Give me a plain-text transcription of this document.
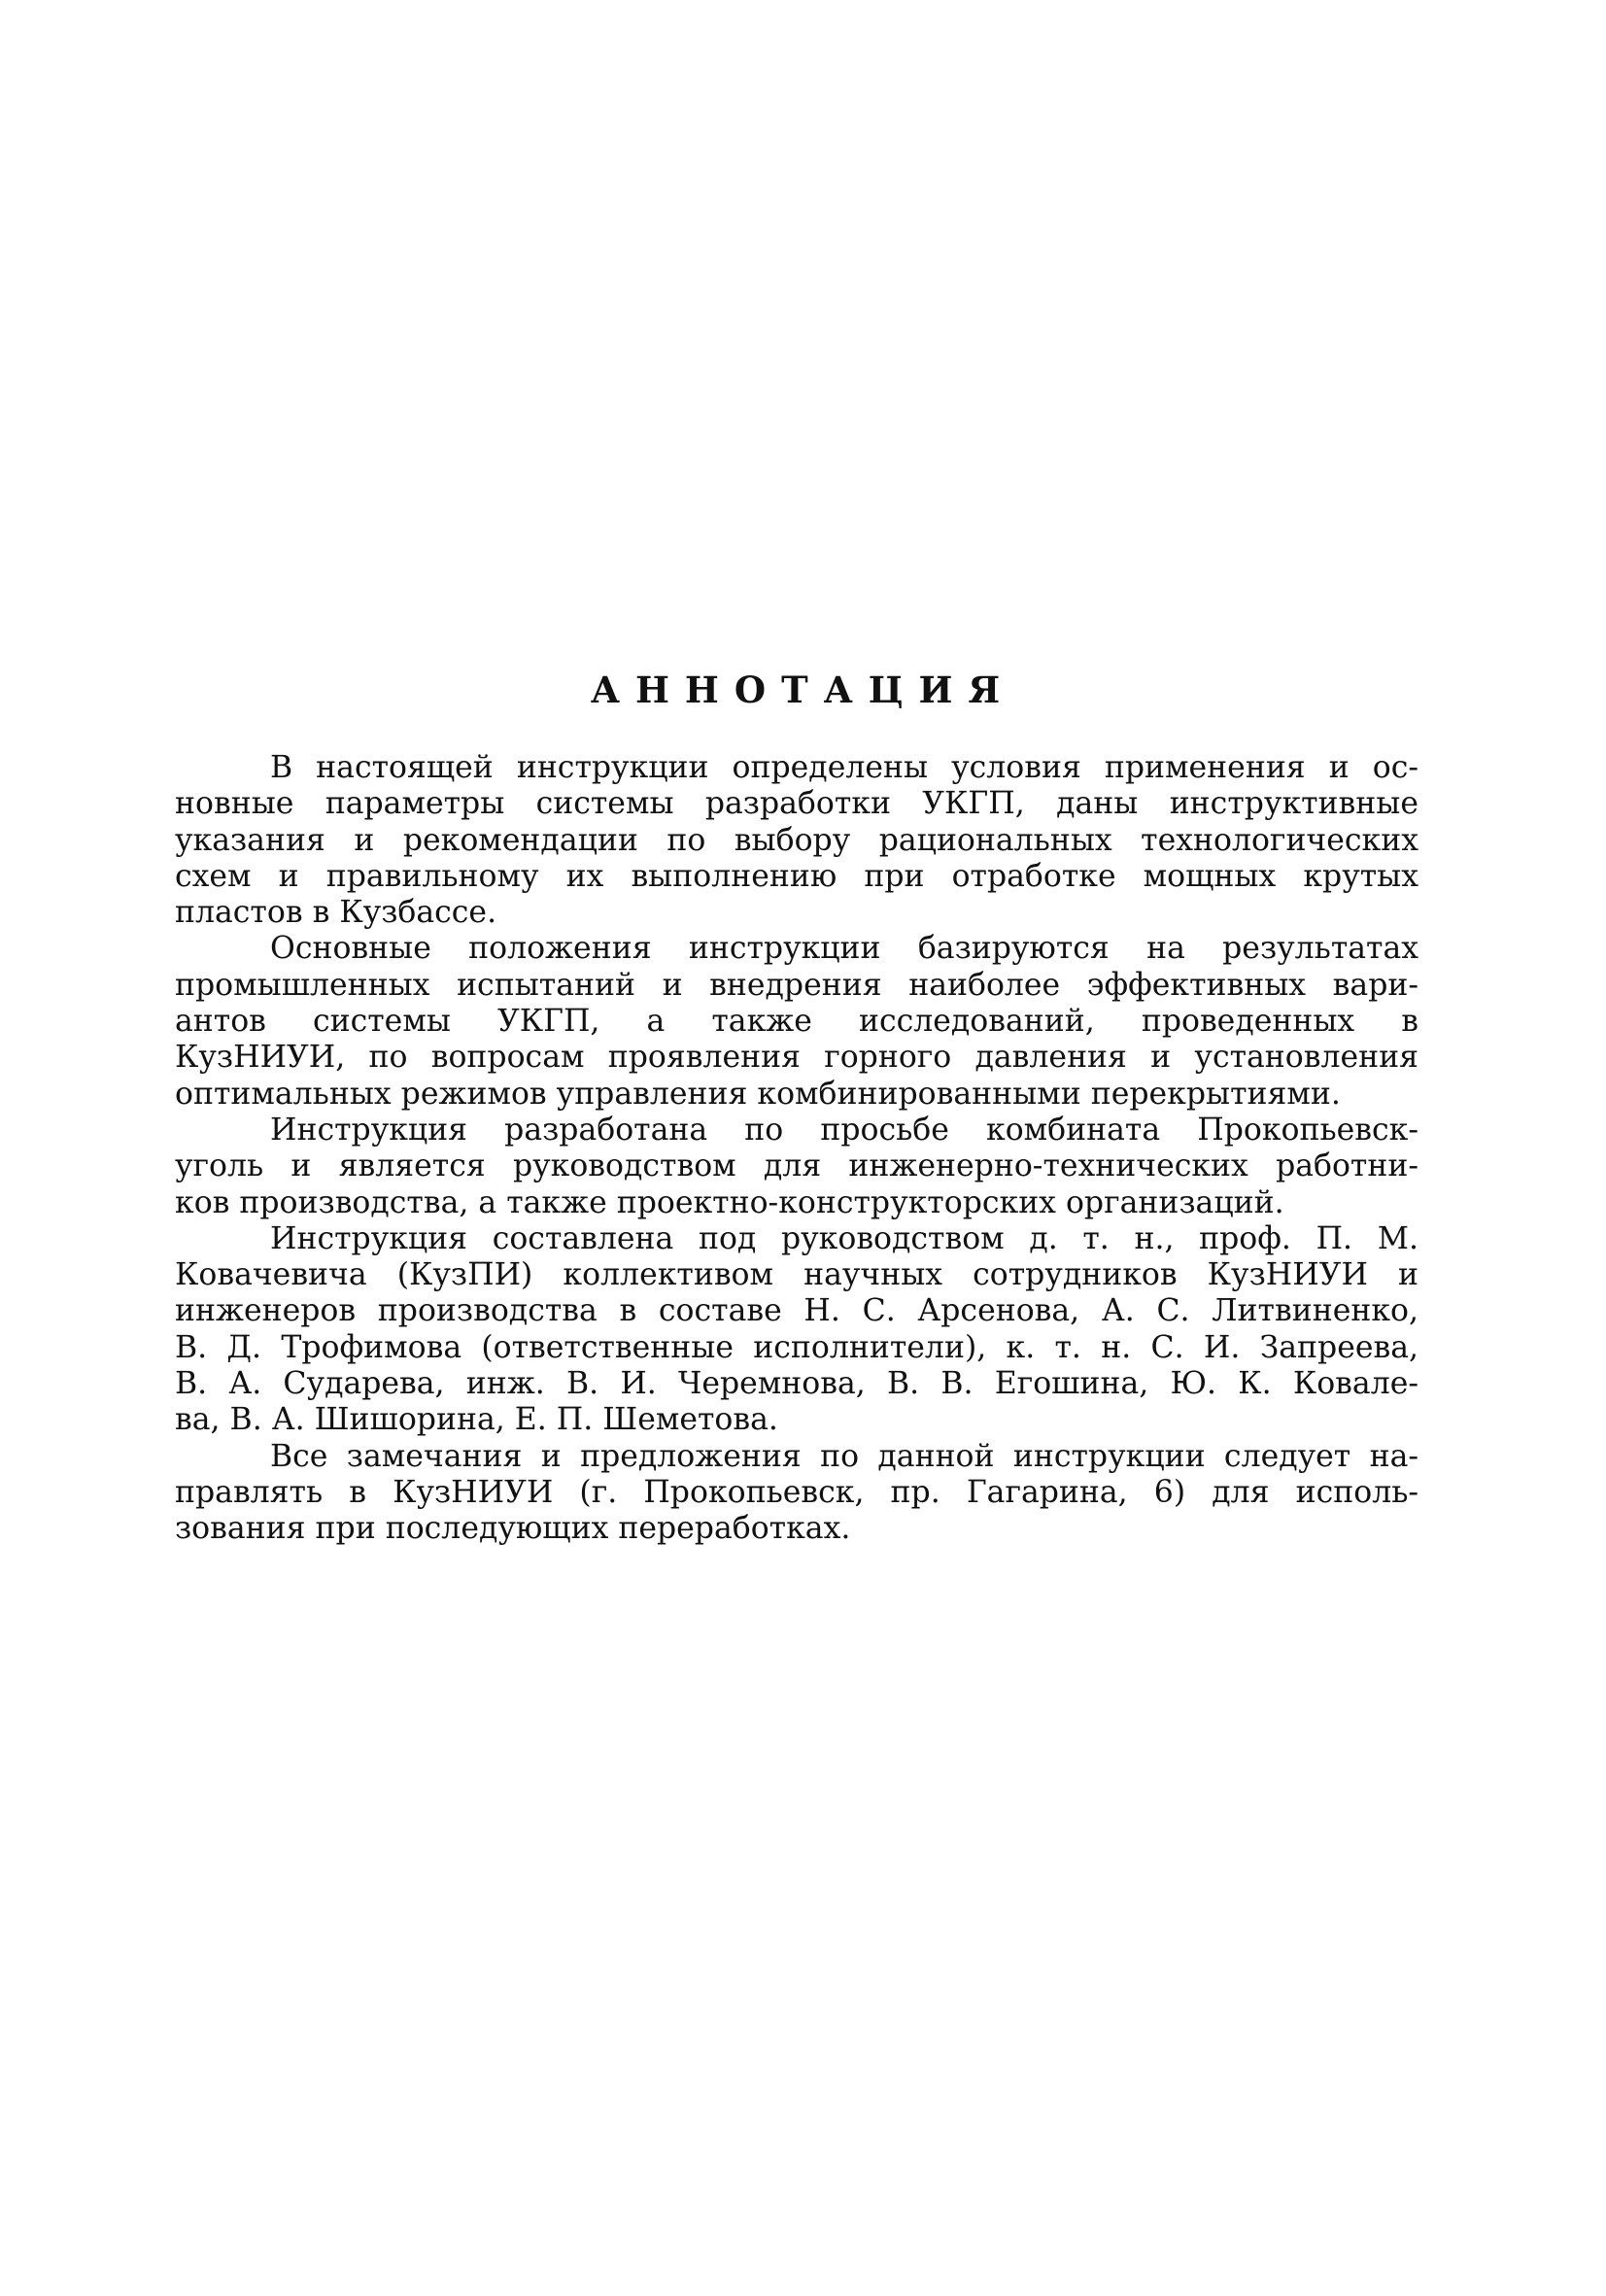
АННОТАЦИЯ
В настоящей инструкции определены условия применения и ос-
новные параметры системы разработки УКГП, даны инструктивные
указания и рекомендации по выбору рациональных технологических
схем и правильному их выполнению при отработке мощных крутых
пластов в Кузбассе.
Основные положения инструкции базируются на результатах
промышленных испытаний и внедрения наиболее эффективных вари-
антов системы УКГП, а также исследований, проведенных в
КузНИУИ, по вопросам проявления горного давления и установления
оптимальных режимов управления комбинированными перекрытиями.
Инструкция разработана по просьбе комбината Прокопьевск-
уголь и является руководством для инженерно-технических работни-
ков производства, а также проектно-конструкторских организаций.
Инструкция составлена под руководством д. т. н., проф. П. М.
Ковачевича (КузПИ) коллективом научных сотрудников КузНИУИ и
инженеров производства в составе Н. С. Арсенова, А. С. Литвиненко,
В. Д. Трофимова (ответственные исполнители), к. т. н. С. И. Запреева,
В. А. Сударева, инж. В. И. Черемнова, В. В. Егошина, Ю. К. Ковале-
ва, В. А. Шишорина, Е. П. Шеметова.
Все замечания и предложения по данной инструкции следует на-
правлять в КузНИУИ (г. Прокопьевск, пр. Гагарина, 6) для исполь-
зования при последующих переработках.
